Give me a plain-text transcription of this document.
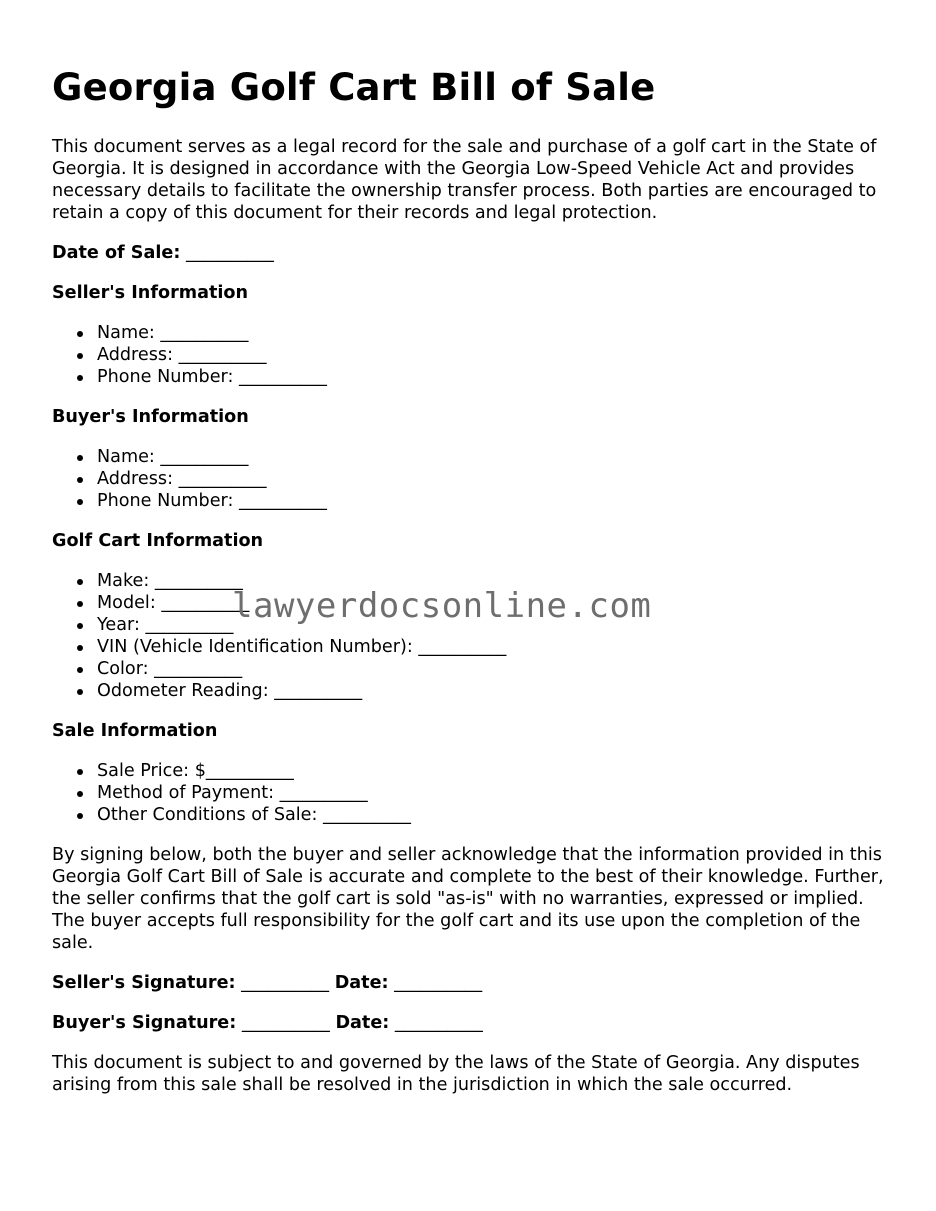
Georgia Golf Cart Bill of Sale

This document serves as a legal record for the sale and purchase of a golf cart in the State of Georgia. It is designed in accordance with the Georgia Low-Speed Vehicle Act and provides necessary details to facilitate the ownership transfer process. Both parties are encouraged to retain a copy of this document for their records and legal protection.

Date of Sale: __________
Seller's Information
Name: __________
Address: __________
Phone Number: __________
Buyer's Information
Name: __________
Address: __________
Phone Number: __________
Golf Cart Information
Make: __________
Model: __________
Year: __________
VIN (Vehicle Identification Number): __________
Color: __________
Odometer Reading: __________
Sale Information
Sale Price: $__________
Method of Payment: __________
Other Conditions of Sale: __________

By signing below, both the buyer and seller acknowledge that the information provided in this Georgia Golf Cart Bill of Sale is accurate and complete to the best of their knowledge. Further, the seller confirms that the golf cart is sold "as-is" with no warranties, expressed or implied. The buyer accepts full responsibility for the golf cart and its use upon the completion of the sale.

Seller's Signature: __________ Date: __________
Buyer's Signature: __________ Date: __________

This document is subject to and governed by the laws of the State of Georgia. Any disputes arising from this sale shall be resolved in the jurisdiction in which the sale occurred.

lawyerdocsonline.com
